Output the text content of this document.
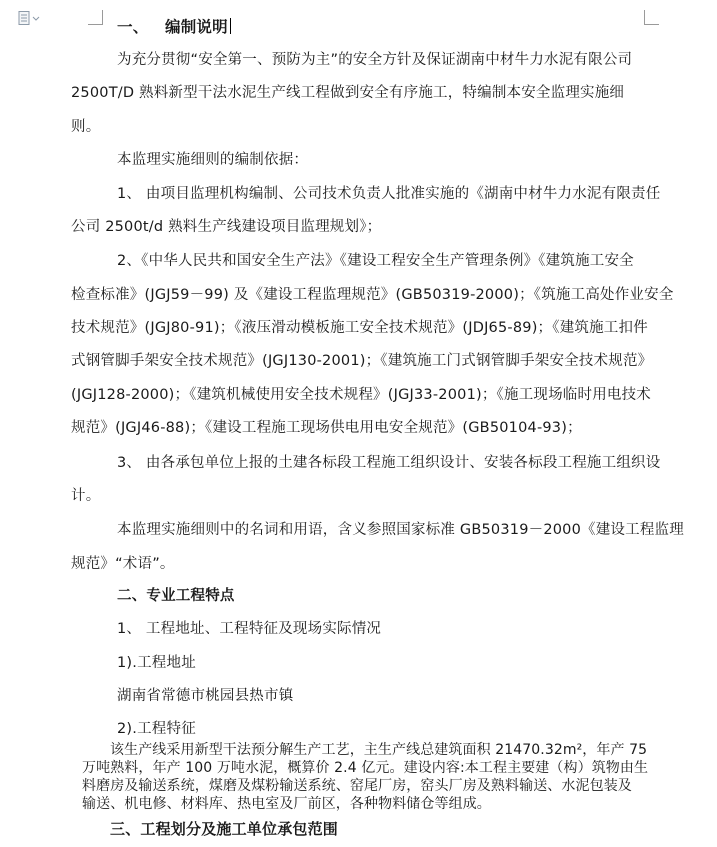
一、 编制说明
为充分贯彻“安全第一、预防为主”的安全方针及保证湖南中材牛力水泥有限公司
2500T/D 熟料新型干法水泥生产线工程做到安全有序施工，特编制本安全监理实施细
则。
本监理实施细则的编制依据：
1、 由项目监理机构编制、公司技术负责人批准实施的《湖南中材牛力水泥有限责任
公司 2500t/d 熟料生产线建设项目监理规划》；
2、《中华人民共和国安全生产法》《建设工程安全生产管理条例》《建筑施工安全
检查标准》(JGJ59－99) 及《建设工程监理规范》(GB50319-2000)；《筑施工高处作业安全
技术规范》(JGJ80-91)；《液压滑动模板施工安全技术规范》(JDJ65-89)；《建筑施工扣件
式钢管脚手架安全技术规范》(JGJ130-2001)；《建筑施工门式钢管脚手架安全技术规范》
(JGJ128-2000)；《建筑机械使用安全技术规程》(JGJ33-2001)；《施工现场临时用电技术
规范》(JGJ46-88)；《建设工程施工现场供电用电安全规范》(GB50104-93)；
3、 由各承包单位上报的土建各标段工程施工组织设计、安装各标段工程施工组织设
计。
本监理实施细则中的名词和用语，含义参照国家标准 GB50319－2000《建设工程监理
规范》“术语”。
二、专业工程特点
1、 工程地址、工程特征及现场实际情况
1).工程地址
湖南省常德市桃园县热市镇
2).工程特征
该生产线采用新型干法预分解生产工艺，主生产线总建筑面积 21470.32m²，年产 75
万吨熟料，年产 100 万吨水泥，概算价 2.4 亿元。建设内容:本工程主要建（构）筑物由生
料磨房及输送系统，煤磨及煤粉输送系统、窑尾厂房，窑头厂房及熟料输送、水泥包装及
输送、机电修、材料库、热电室及厂前区，各种物料储仓等组成。
三、工程划分及施工单位承包范围
